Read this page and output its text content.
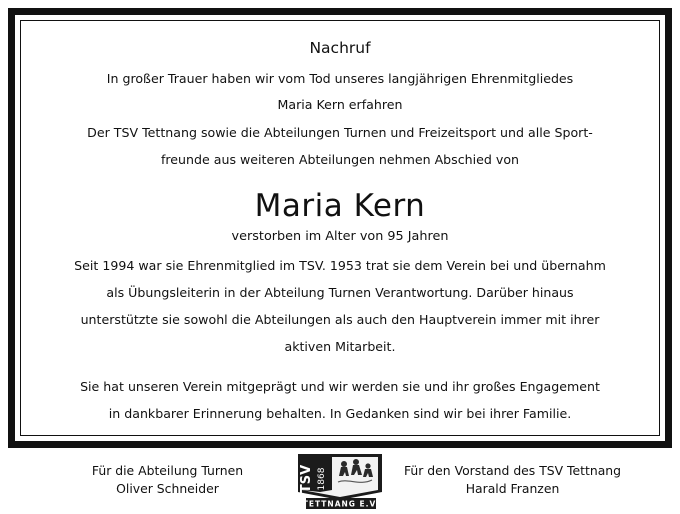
Nachruf

In großer Trauer haben wir vom Tod unseres langjährigen Ehrenmitgliedes

Maria Kern erfahren

Der TSV Tettnang sowie die Abteilungen Turnen und Freizeitsport und alle Sport-

freunde aus weiteren Abteilungen nehmen Abschied von

Maria Kern
verstorben im Alter von 95 Jahren

Seit 1994 war sie Ehrenmitglied im TSV. 1953 trat sie dem Verein bei und übernahm

als Übungsleiterin in der Abteilung Turnen Verantwortung. Darüber hinaus

unterstützte sie sowohl die Abteilungen als auch den Hauptverein immer mit ihrer

aktiven Mitarbeit.

Sie hat unseren Verein mitgeprägt und wir werden sie und ihr großes Engagement

in dankbarer Erinnerung behalten. In Gedanken sind wir bei ihrer Familie.

Für die Abteilung Turnen
Oliver Schneider	TSV 1868
TETTNANG E.V.
Für den Vorstand des TSV Tettnang
Harald Franzen
